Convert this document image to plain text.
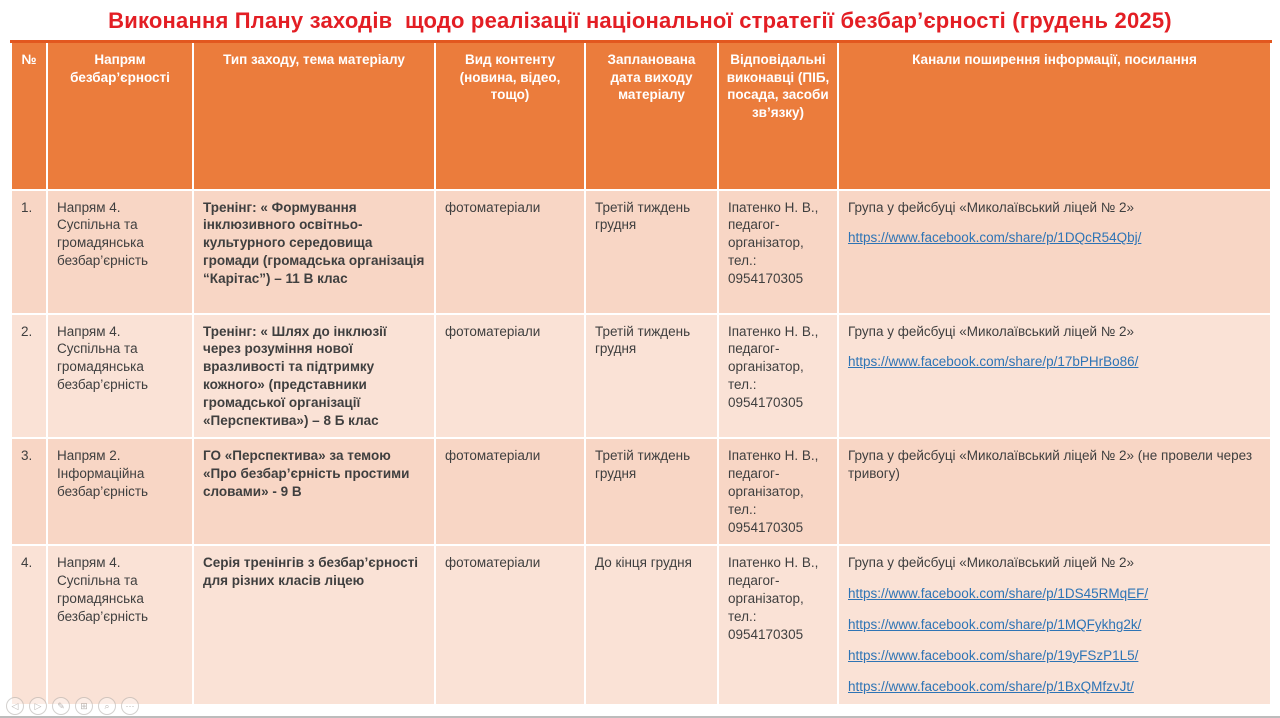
Виконання Плану заходів  щодо реалізації національної стратегії безбар’єрності (грудень 2025)
№	Напрям безбар’єрності	Тип заходу, тема матеріалу	Вид контенту (новина, відео, тощо)	Запланована дата виходу матеріалу	Відповідальні виконавці (ПІБ, посада, засоби зв’язку)	Канали поширення інформації, посилання
1.	Напрям 4. Суспільна та громадянська безбар’єрність	Тренінг: « Формування інклюзивного освітньо-культурного середовища громади (громадська організація “Карітас”) – 11 В клас	фотоматеріали	Третій тиждень грудня	Іпатенко Н. В., педагог-організатор, тел.: 0954170305	Група у фейсбуці «Миколаївський ліцей № 2»
https://www.facebook.com/share/p/1DQcR54Qbj/

2.	Напрям 4. Суспільна та громадянська безбар’єрність	Тренінг: « Шлях до інклюзії через розуміння нової вразливості та підтримку кожного» (представники громадської організації «Перспектива») – 8 Б клас	фотоматеріали	Третій тиждень грудня	Іпатенко Н. В., педагог-організатор, тел.: 0954170305	Група у фейсбуці «Миколаївський ліцей № 2»
https://www.facebook.com/share/p/17bPHrBo86/

3.	Напрям 2. Інформаційна безбар’єрність	ГО «Перспектива» за темою «Про безбар’єрність простими словами» - 9 В	фотоматеріали	Третій тиждень грудня	Іпатенко Н. В., педагог-організатор, тел.: 0954170305	Група у фейсбуці «Миколаївський ліцей № 2» (не провели через тривогу)

4.	Напрям 4. Суспільна та громадянська безбар’єрність	Серія тренінгів з безбар’єрності для різних класів ліцею	фотоматеріали	До кінця грудня	Іпатенко Н. В., педагог-організатор, тел.: 0954170305	Група у фейсбуці «Миколаївський ліцей № 2»
https://www.facebook.com/share/p/1DS45RMqEF/
https://www.facebook.com/share/p/1MQFykhg2k/
https://www.facebook.com/share/p/19yFSzP1L5/
https://www.facebook.com/share/p/1BxQMfzvJt/
◁	▷	✎	⊞	⌕	⋯
